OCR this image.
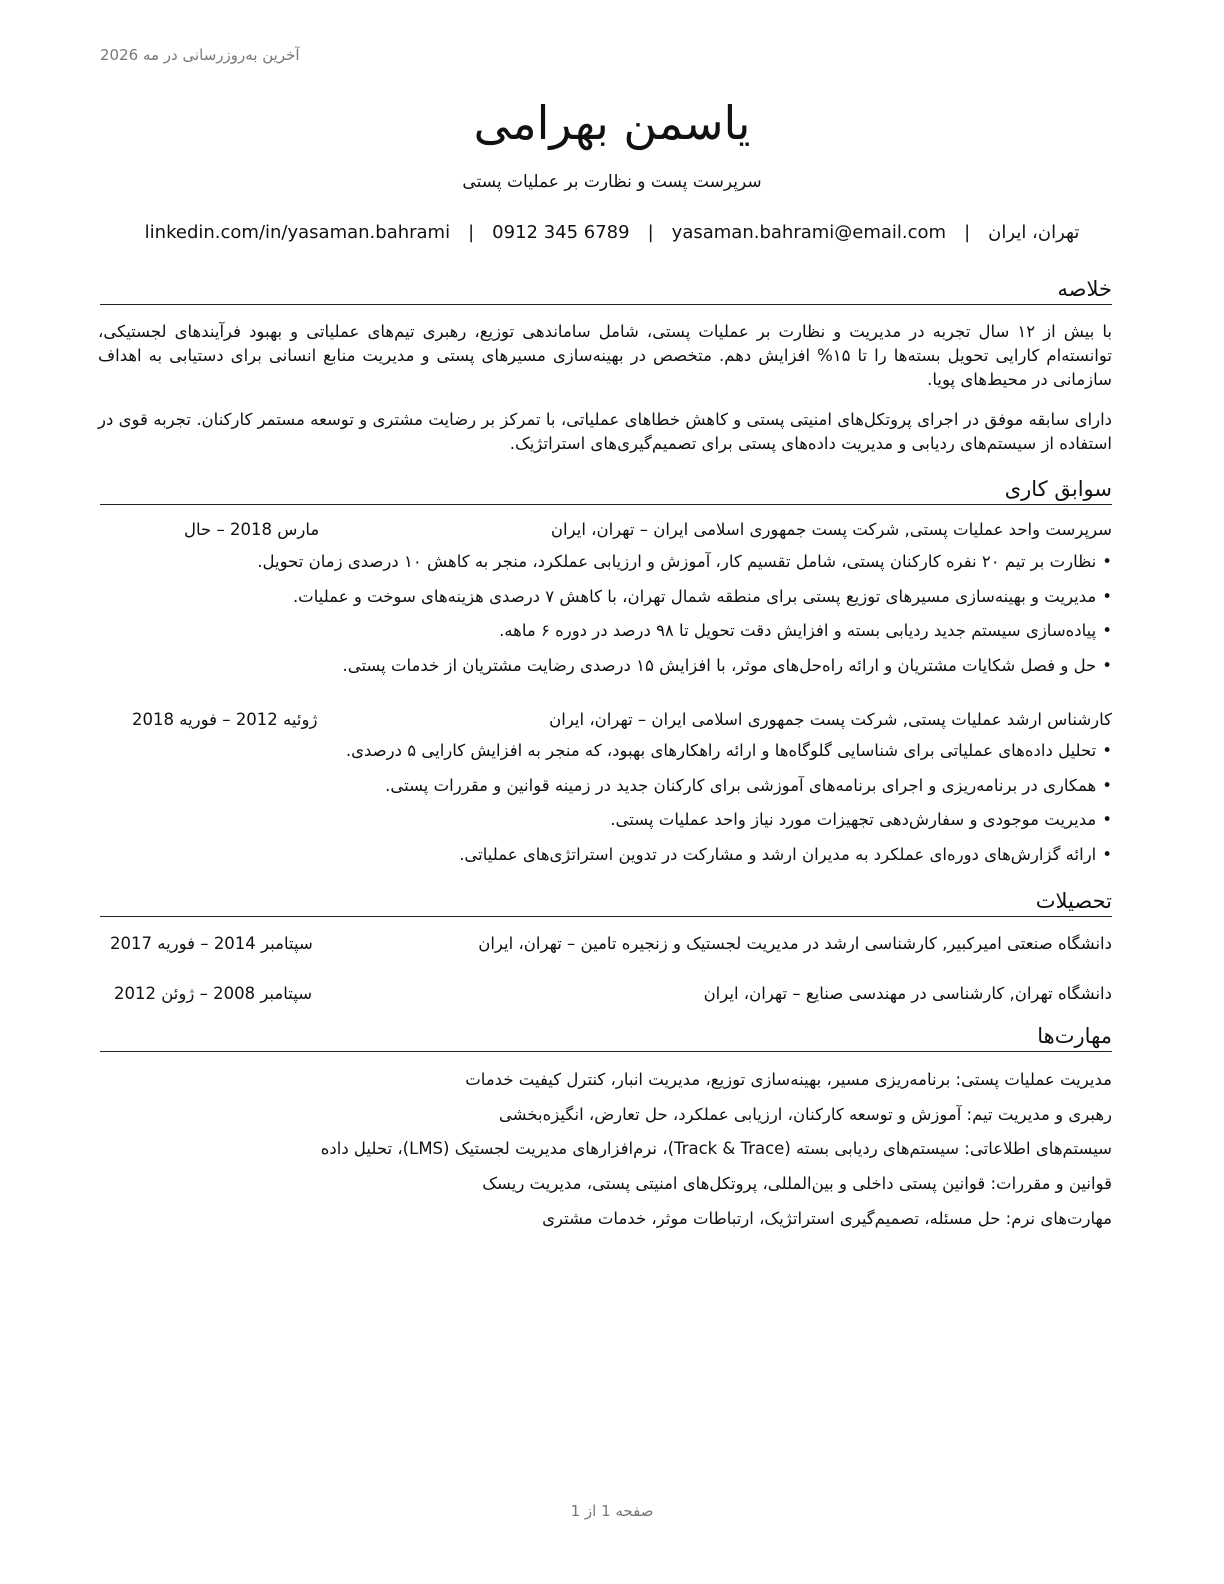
آخرین به‌روزرسانی در مه 2026
یاسمن بهرامی
سرپرست پست و نظارت بر عملیات پستی
تهران، ایران
|
yasaman.bahrami@email.com
|
0912 345 6789
|
linkedin.com/in/yasaman.bahrami
خلاصه
با بیش از ۱۲ سال تجربه در مدیریت و نظارت بر عملیات پستی، شامل ساماندهی توزیع، رهبری تیم‌های عملیاتی و بهبود فرآیندهای لجستیکی، توانسته‌ام کارایی تحویل بسته‌ها را تا ۱۵% افزایش دهم. متخصص در بهینه‌سازی مسیرهای پستی و مدیریت منابع انسانی برای دستیابی به اهداف سازمانی در محیط‌های پویا.
دارای سابقه موفق در اجرای پروتکل‌های امنیتی پستی و کاهش خطاهای عملیاتی، با تمرکز بر رضایت مشتری و توسعه مستمر کارکنان. تجربه قوی در استفاده از سیستم‌های ردیابی و مدیریت داده‌های پستی برای تصمیم‌گیری‌های استراتژیک.
سوابق کاری
سرپرست واحد عملیات پستی, شرکت پست جمهوری اسلامی ایران – تهران، ایران
مارس 2018 – حال
•نظارت بر تیم ۲۰ نفره کارکنان پستی، شامل تقسیم کار، آموزش و ارزیابی عملکرد، منجر به کاهش ۱۰ درصدی زمان تحویل.
•مدیریت و بهینه‌سازی مسیرهای توزیع پستی برای منطقه شمال تهران، با کاهش ۷ درصدی هزینه‌های سوخت و عملیات.
•پیاده‌سازی سیستم جدید ردیابی بسته و افزایش دقت تحویل تا ۹۸ درصد در دوره ۶ ماهه.
•حل و فصل شکایات مشتریان و ارائه راه‌حل‌های موثر، با افزایش ۱۵ درصدی رضایت مشتریان از خدمات پستی.
کارشناس ارشد عملیات پستی, شرکت پست جمهوری اسلامی ایران – تهران، ایران
ژوئیه 2012 – فوریه 2018
•تحلیل داده‌های عملیاتی برای شناسایی گلوگاه‌ها و ارائه راهکارهای بهبود، که منجر به افزایش کارایی ۵ درصدی.
•همکاری در برنامه‌ریزی و اجرای برنامه‌های آموزشی برای کارکنان جدید در زمینه قوانین و مقررات پستی.
•مدیریت موجودی و سفارش‌دهی تجهیزات مورد نیاز واحد عملیات پستی.
•ارائه گزارش‌های دوره‌ای عملکرد به مدیران ارشد و مشارکت در تدوین استراتژی‌های عملیاتی.
تحصیلات
دانشگاه صنعتی امیرکبیر, کارشناسی ارشد در مدیریت لجستیک و زنجیره تامین – تهران، ایران
سپتامبر 2014 – فوریه 2017
دانشگاه تهران, کارشناسی در مهندسی صنایع – تهران، ایران
سپتامبر 2008 – ژوئن 2012
مهارت‌ها
مدیریت عملیات پستی: برنامه‌ریزی مسیر، بهینه‌سازی توزیع، مدیریت انبار، کنترل کیفیت خدمات
رهبری و مدیریت تیم: آموزش و توسعه کارکنان، ارزیابی عملکرد، حل تعارض، انگیزه‌بخشی
سیستم‌های اطلاعاتی: سیستم‌های ردیابی بسته (Track & Trace)، نرم‌افزارهای مدیریت لجستیک (LMS)، تحلیل داده
قوانین و مقررات: قوانین پستی داخلی و بین‌المللی، پروتکل‌های امنیتی پستی، مدیریت ریسک
مهارت‌های نرم: حل مسئله، تصمیم‌گیری استراتژیک، ارتباطات موثر، خدمات مشتری
صفحه 1 از 1
